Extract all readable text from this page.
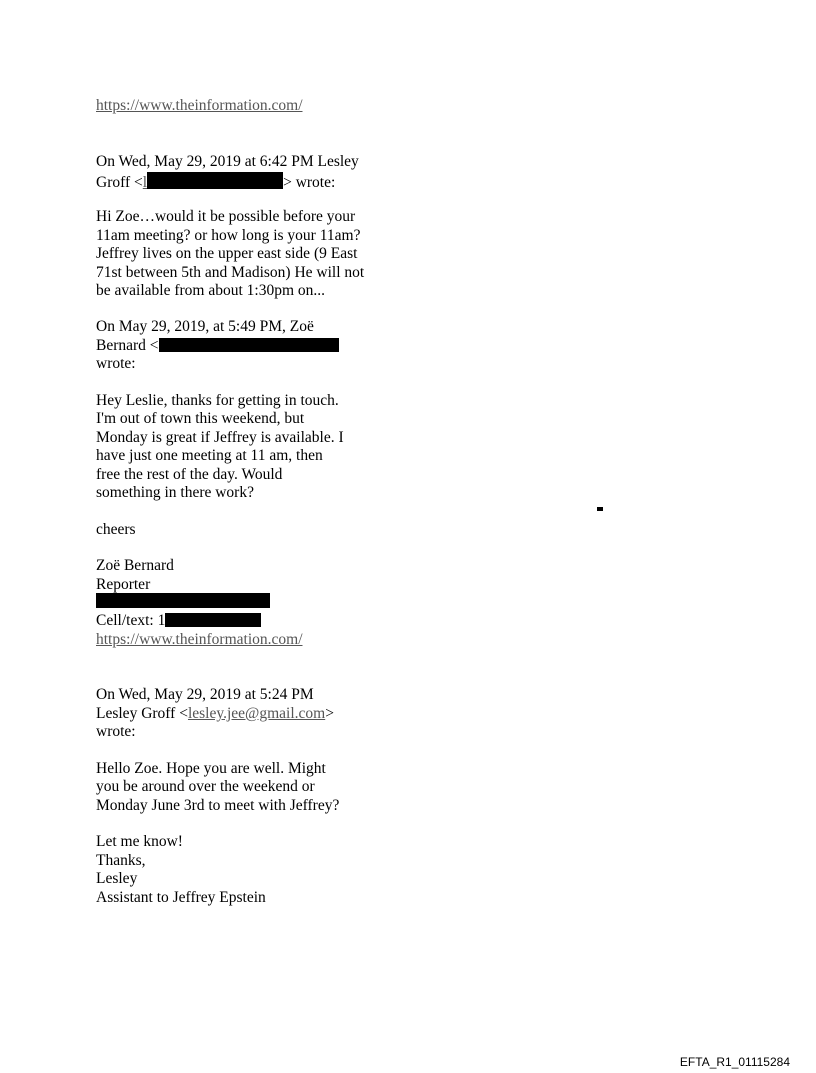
https://www.theinformation.com/
On Wed, May 29, 2019 at 6:42 PM Lesley
Groff <l	> wrote:
Hi Zoe…would it be possible before your
11am meeting? or how long is your 11am?
Jeffrey lives on the upper east side (9 East
71st between 5th and Madison) He will not
be available from about 1:30pm on...
On May 29, 2019, at 5:49 PM, Zoë
Bernard <
wrote:
Hey Leslie, thanks for getting in touch.
I'm out of town this weekend, but
Monday is great if Jeffrey is available. I
have just one meeting at 11 am, then
free the rest of the day. Would
something in there work?
cheers
Zoë Bernard
Reporter
Cell/text: 1
https://www.theinformation.com/
On Wed, May 29, 2019 at 5:24 PM
Lesley Groff <lesley.jee@gmail.com>
wrote:
Hello Zoe. Hope you are well. Might
you be around over the weekend or
Monday June 3rd to meet with Jeffrey?
Let me know!
Thanks,
Lesley
Assistant to Jeffrey Epstein
EFTA_R1_01115284
